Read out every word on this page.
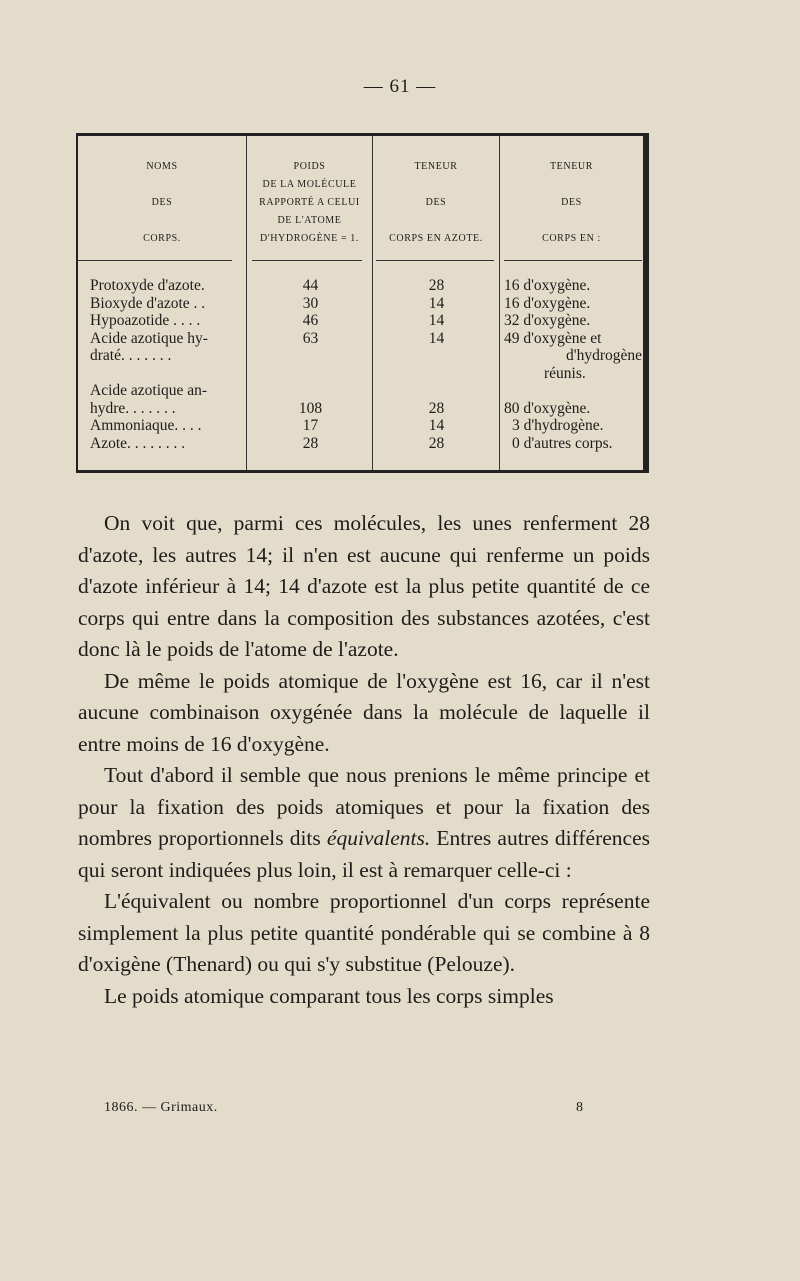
— 61 —
NOMS
DES
CORPS.
POIDS
DE LA MOLÉCULE
RAPPORTÉ A CELUI
DE L'ATOME
D'HYDROGÈNE = 1.
TENEUR
DES
CORPS EN AZOTE.
TENEUR
DES
CORPS EN :
Protoxyde d'azote.
Bioxyde d'azote . .
Hypoazotide . . . .
Acide azotique hy-
draté. . . . . . .
Acide azotique an-
hydre. . . . . . .
Ammoniaque. . . .
Azote. . . . . . . .
44
30
46
63
108
17
28
28
14
14
14
28
14
28
16 d'oxygène.
16 d'oxygène.
32 d'oxygène.
49 d'oxygène et
d'hydrogène
réunis.
80 d'oxygène.
3 d'hydrogène.
0 d'autres corps.

On voit que, parmi ces molécules, les unes renferment 28 d'azote, les autres 14; il n'en est aucune qui renferme un poids d'azote inférieur à 14; 14 d'azote est la plus petite quantité de ce corps qui entre dans la composition des substances azotées, c'est donc là le poids de l'atome de l'azote.

De même le poids atomique de l'oxygène est 16, car il n'est aucune combinaison oxygénée dans la molécule de laquelle il entre moins de 16 d'oxygène.

Tout d'abord il semble que nous prenions le même principe et pour la fixation des poids atomiques et pour la fixation des nombres proportionnels dits équivalents. Entres autres différences qui seront indiquées plus loin, il est à remarquer celle-ci :

L'équivalent ou nombre proportionnel d'un corps représente simplement la plus petite quantité pondérable qui se combine à 8 d'oxigène (Thenard) ou qui s'y substitue (Pelouze).

Le poids atomique comparant tous les corps simples

1866. — Grimaux.	8
